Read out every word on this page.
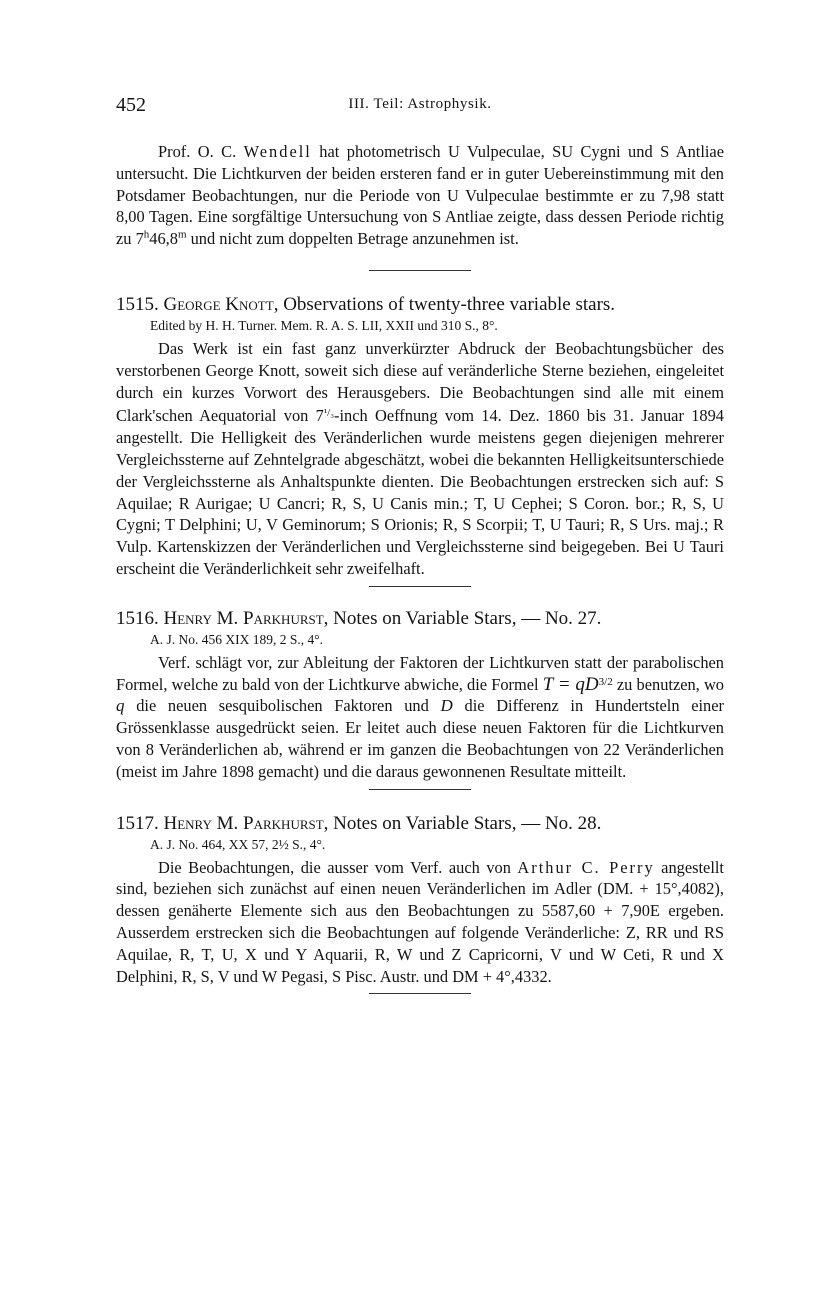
452	III. Teil: Astrophysik.

Prof. O. C. Wendell hat photometrisch U Vulpeculae, SU Cygni und S Antliae untersucht. Die Lichtkurven der beiden ersteren fand er in guter Uebereinstimmung mit den Potsdamer Beobachtungen, nur die Periode von U Vulpeculae bestimmte er zu 7,98 statt 8,00 Tagen. Eine sorgfältige Untersuchung von S Antliae zeigte, dass dessen Periode richtig zu 7$^h$46,8$^m$ und nicht zum doppelten Betrage anzunehmen ist.

1515. George Knott, Observations of twenty-three variable stars.

Edited by H. H. Turner. Mem. R. A. S. LII, XXII und 310 S., 8°.

Das Werk ist ein fast ganz unverkürzter Abdruck der Beobachtungsbücher des verstorbenen George Knott, soweit sich diese auf veränderliche Sterne beziehen, eingeleitet durch ein kurzes Vorwort des Herausgebers. Die Beobachtungen sind alle mit einem Clark'schen Aequatorial von $7^{^1/_3}$-inch Oeffnung vom 14. Dez. 1860 bis 31. Januar 1894 angestellt. Die Helligkeit des Veränderlichen wurde meistens gegen diejenigen mehrerer Vergleichssterne auf Zehntelgrade abgeschätzt, wobei die bekannten Helligkeitsunterschiede der Vergleichssterne als Anhaltspunkte dienten. Die Beobachtungen erstrecken sich auf: S Aquilae; R Aurigae; U Cancri; R, S, U Canis min.; T, U Cephei; S Coron. bor.; R, S, U Cygni; T Delphini; U, V Geminorum; S Orionis; R, S Scorpii; T, U Tauri; R, S Urs. maj.; R Vulp. Kartenskizzen der Veränderlichen und Vergleichssterne sind beigegeben. Bei U Tauri erscheint die Veränderlichkeit sehr zweifelhaft.

1516. Henry M. Parkhurst, Notes on Variable Stars, — No. 27.

A. J. No. 456 XIX 189, 2 S., 4°.

Verf. schlägt vor, zur Ableitung der Faktoren der Lichtkurven statt der parabolischen Formel, welche zu bald von der Lichtkurve abwiche, die Formel $T = qD^{3/2}$ zu benutzen, wo q die neuen sesquibolischen Faktoren und D die Differenz in Hundertsteln einer Grössenklasse ausgedrückt seien. Er leitet auch diese neuen Faktoren für die Lichtkurven von 8 Veränderlichen ab, während er im ganzen die Beobachtungen von 22 Veränderlichen (meist im Jahre 1898 gemacht) und die daraus gewonnenen Resultate mitteilt.

1517. Henry M. Parkhurst, Notes on Variable Stars, — No. 28.

A. J. No. 464, XX 57, 2½ S., 4°.

Die Beobachtungen, die ausser vom Verf. auch von Arthur C. Perry angestellt sind, beziehen sich zunächst auf einen neuen Veränderlichen im Adler (DM. + 15°,4082), dessen genäherte Elemente sich aus den Beobachtungen zu 5587,60 + 7,90E ergeben. Ausserdem erstrecken sich die Beobachtungen auf folgende Veränderliche: Z, RR und RS Aquilae, R, T, U, X und Y Aquarii, R, W und Z Capricorni, V und W Ceti, R und X Delphini, R, S, V und W Pegasi, S Pisc. Austr. und DM + 4°,4332.
